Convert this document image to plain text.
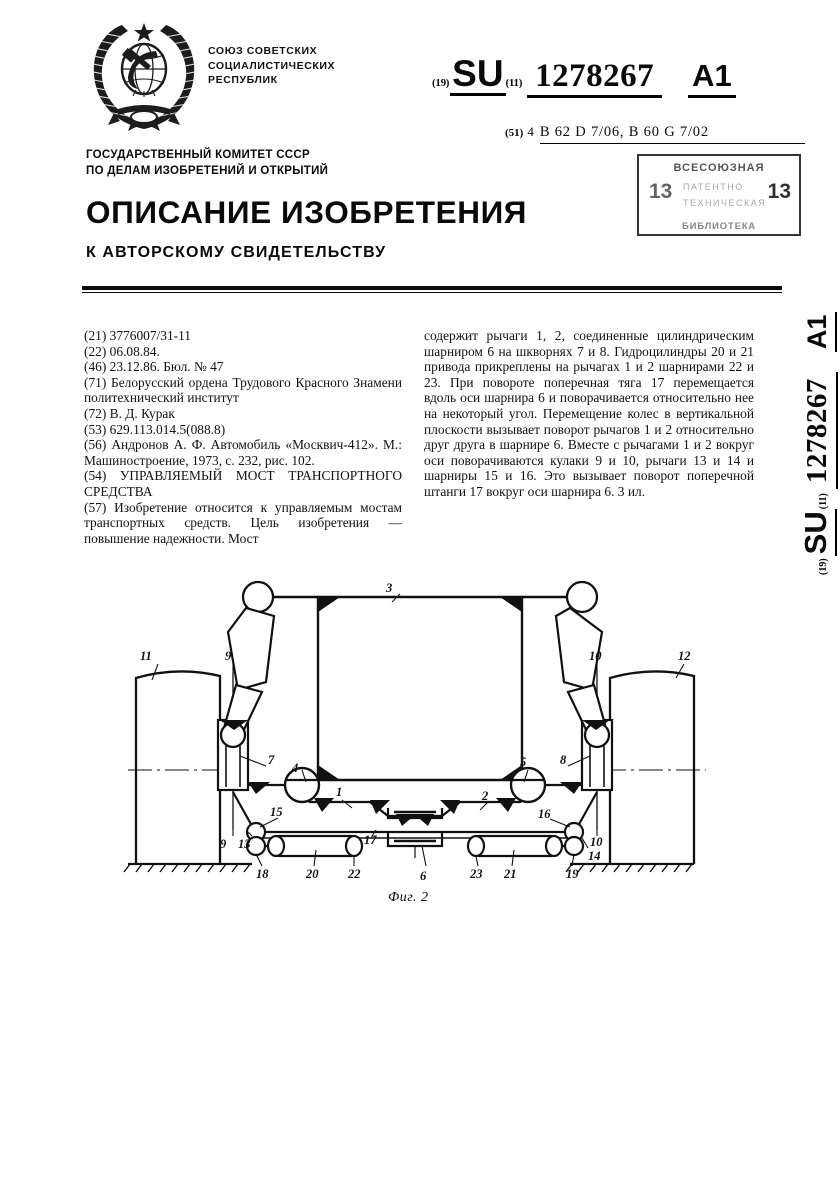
СОЮЗ СОВЕТСКИХ
СОЦИАЛИСТИЧЕСКИХ
РЕСПУБЛИК	(19) SU (11) 1278267 A1
(51) 4 B 62 D 7/06, B 60 G 7/02
ГОСУДАРСТВЕННЫЙ КОМИТЕТ СССР
ПО ДЕЛАМ ИЗОБРЕТЕНИЙ И ОТКРЫТИЙ
ОПИСАНИЕ ИЗОБРЕТЕНИЯ
К АВТОРСКОМУ СВИДЕТЕЛЬСТВУ
ВСЕСОЮЗНАЯ
13 ПАТЕНТНО
ТЕХНИЧЕСКАЯ 13
БИБЛИОТЕКА

(21) 3776007/31-11

(22) 06.08.84.

(46) 23.12.86. Бюл. № 47

(71) Белорусский ордена Трудового Красного Знамени политехнический институт

(72) В. Д. Курак

(53) 629.113.014.5(088.8)

(56) Андронов А. Ф. Автомобиль «Москвич-412». М.: Машиностроение, 1973, с. 232, рис. 102.

(54) УПРАВЛЯЕМЫЙ МОСТ ТРАНСПОРТНОГО СРЕДСТВА

(57) Изобретение относится к управляемым мостам транспортных средств. Цель изобретения — повышение надежности. Мост

содержит рычаги 1, 2, соединенные цилиндрическим шарниром 6 на шкворнях 7 и 8. Гидроцилиндры 20 и 21 привода прикреплены на рычагах 1 и 2 шарнирами 22 и 23. При повороте поперечная тяга 17 перемещается вдоль оси шарнира 6 и поворачивается относительно нее на некоторый угол. Перемещение колес в вертикальной плоскости вызывает поворот рычагов 1 и 2 относительно друг друга в шарнире 6. Вместе с рычагами 1 и 2 вокруг оси поворачиваются кулаки 9 и 10, рычаги 13 и 14 и шарниры 15 и 16. Это вызывает поворот поперечной штанги 17 вокруг оси шарнира 6. 3 ил.

3
11	9	10	12
7
4
8
1	2
5
15	16
9 13	10
14
17
18	20 22	6	23 21	19
Фиг. 2
(19)
SU
(11)
1278267
A1
